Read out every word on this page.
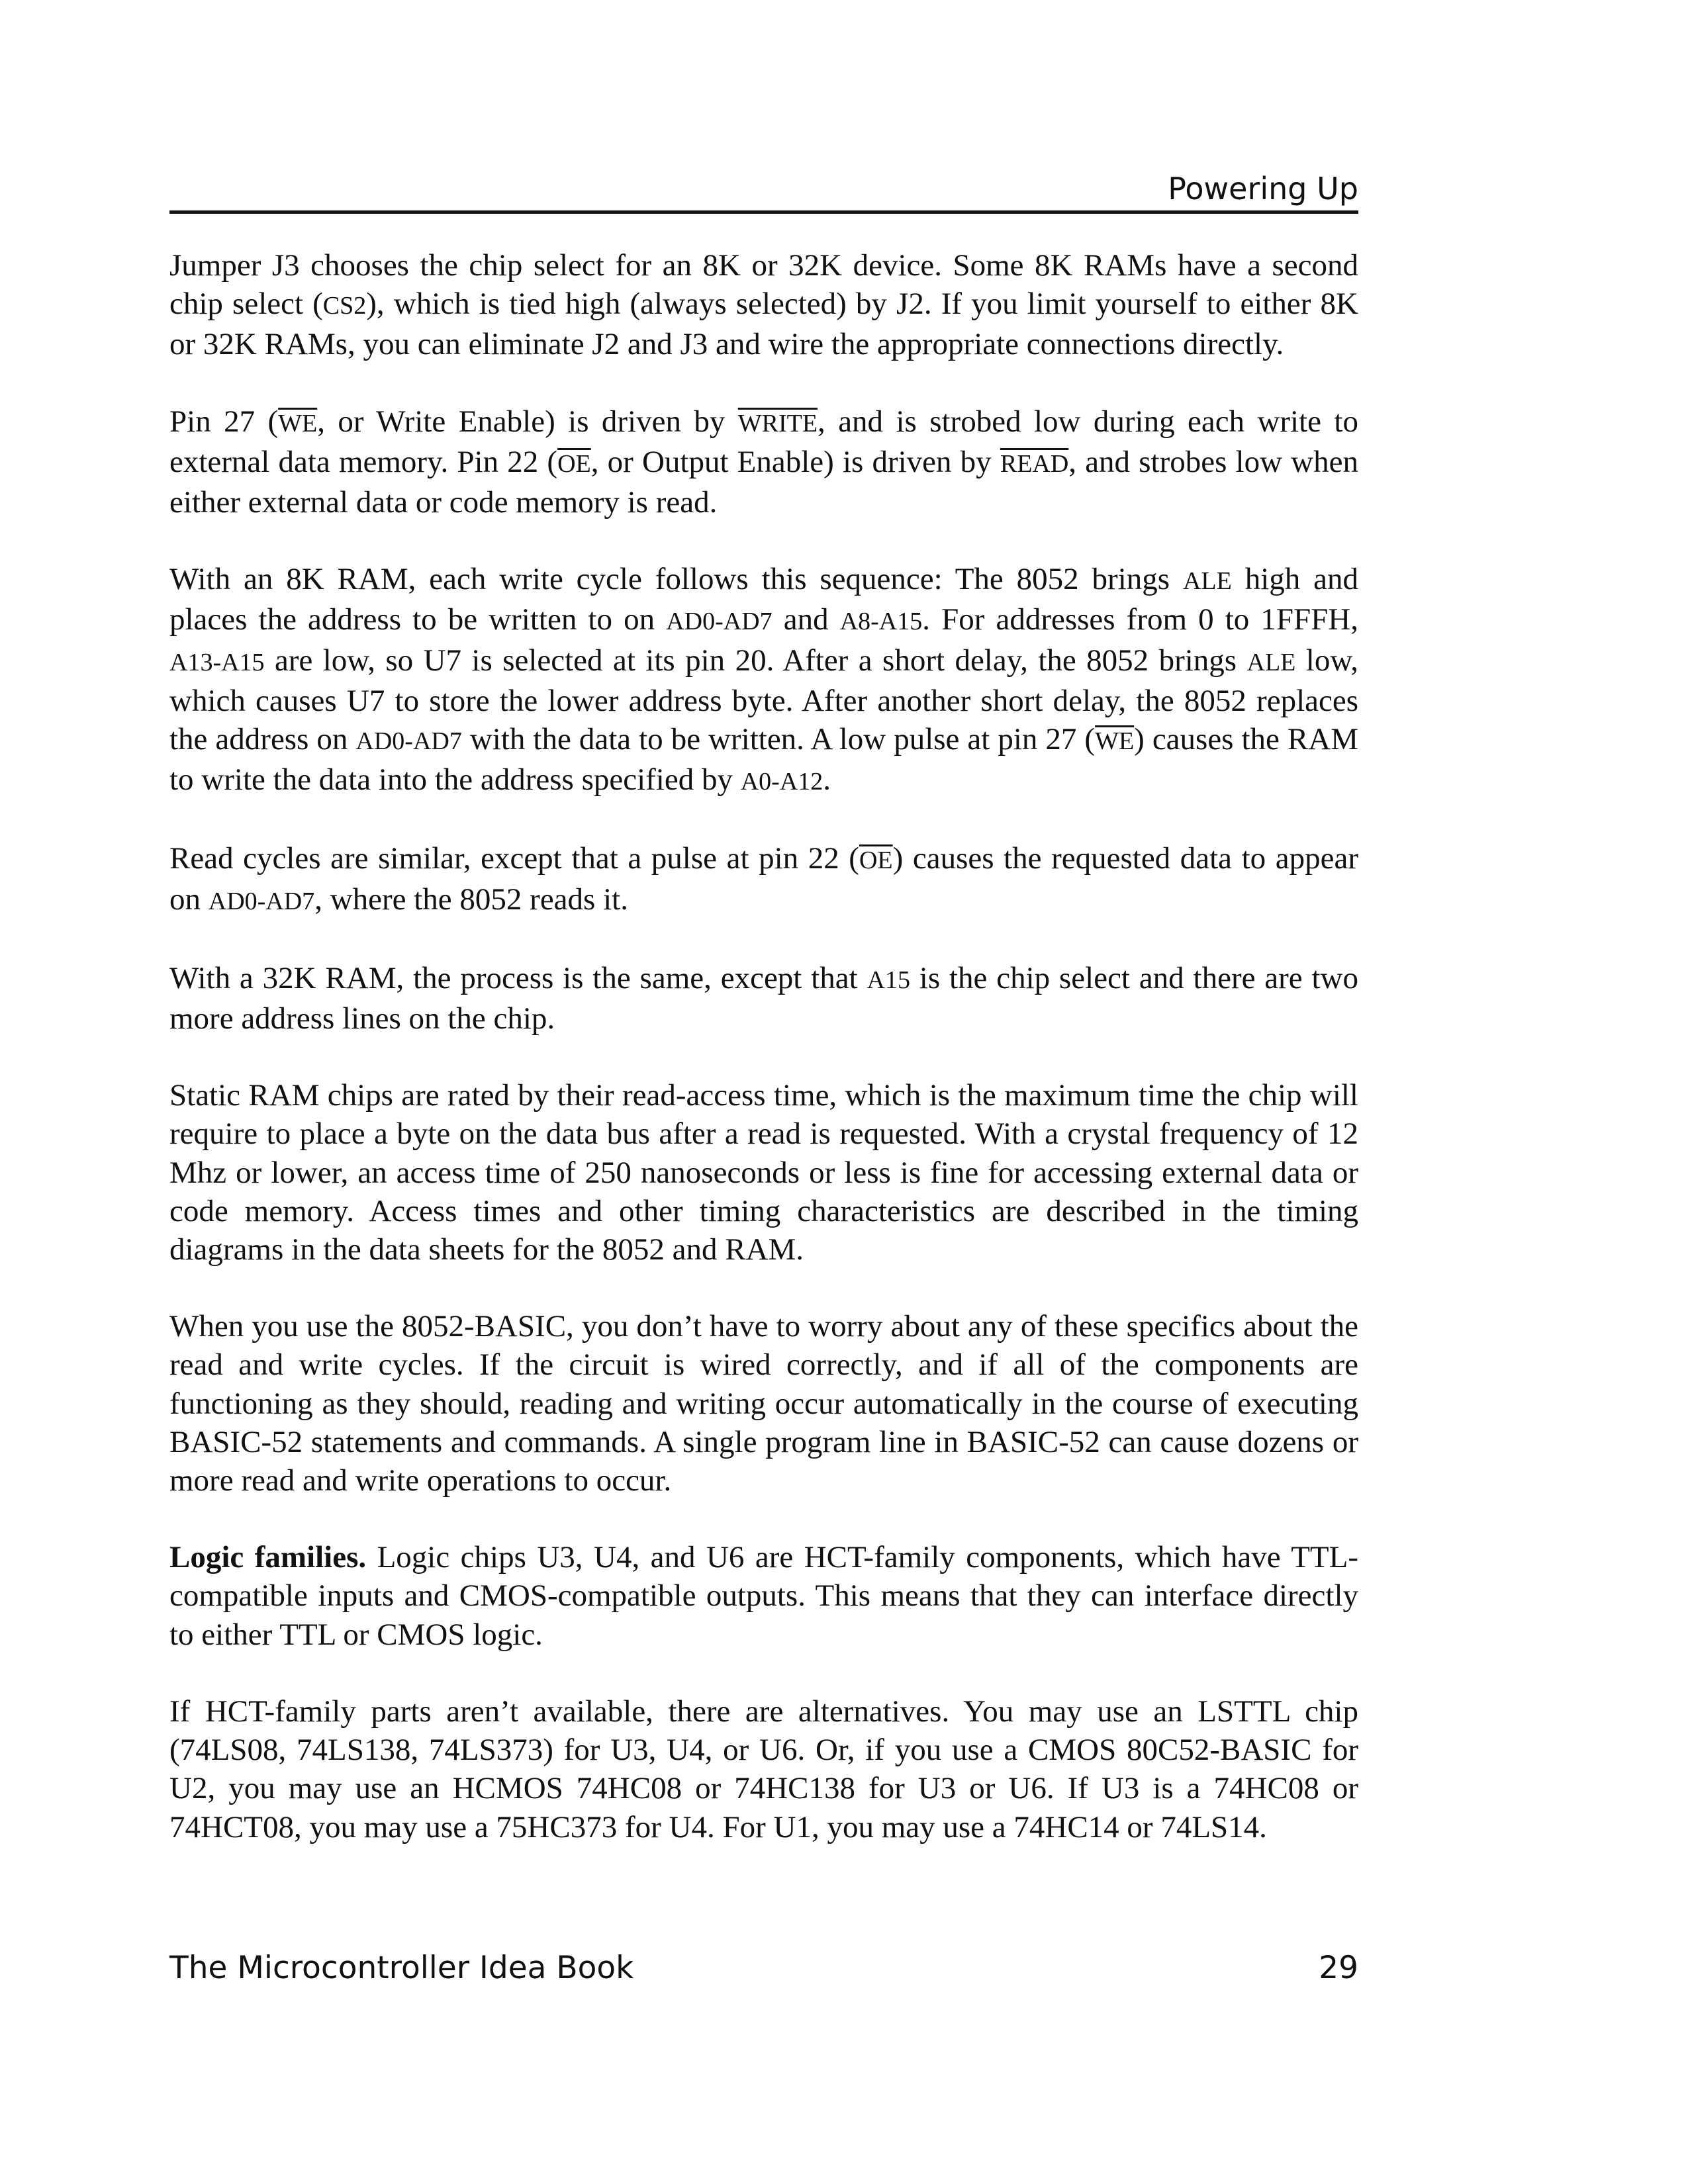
Powering Up

Jumper J3 chooses the chip select for an 8K or 32K device. Some 8K RAMs have a second chip select (CS2), which is tied high (always selected) by J2. If you limit yourself to either 8K or 32K RAMs, you can eliminate J2 and J3 and wire the appropriate connections directly.

Pin 27 ($\overline{WE}$, or Write Enable) is driven by WRITE, and is strobed low during each write to external data memory. Pin 22 ($\overline{OE}$, or Output Enable) is driven by READ, and strobes low when either external data or code memory is read.

With an 8K RAM, each write cycle follows this sequence: The 8052 brings ALE high and places the address to be written to on AD0-AD7 and A8-A15. For addresses from 0 to 1FFFH, A13-A15 are low, so U7 is selected at its pin 20. After a short delay, the 8052 brings ALE low, which causes U7 to store the lower address byte. After another short delay, the 8052 replaces the address on AD0-AD7 with the data to be written. A low pulse at pin 27 $(\overline{WE})$ causes the RAM to write the data into the address specified by A0-A12.

Read cycles are similar, except that a pulse at pin 22 $(\overline{OE})$ causes the requested data to appear on AD0-AD7, where the 8052 reads it.

With a 32K RAM, the process is the same, except that A15 is the chip select and there are two more address lines on the chip.

Static RAM chips are rated by their read-access time, which is the maximum time the chip will require to place a byte on the data bus after a read is requested. With a crystal frequency of 12 Mhz or lower, an access time of 250 nanoseconds or less is fine for accessing external data or code memory. Access times and other timing characteristics are described in the timing diagrams in the data sheets for the 8052 and RAM.

When you use the 8052-BASIC, you don’t have to worry about any of these specifics about the read and write cycles. If the circuit is wired correctly, and if all of the components are functioning as they should, reading and writing occur automatically in the course of executing BASIC-52 statements and commands. A single program line in BASIC-52 can cause dozens or more read and write operations to occur.

Logic families. Logic chips U3, U4, and U6 are HCT-family components, which have TTL-compatible inputs and CMOS-compatible outputs. This means that they can interface directly to either TTL or CMOS logic.

If HCT-family parts aren’t available, there are alternatives. You may use an LSTTL chip (74LS08, 74LS138, 74LS373) for U3, U4, or U6. Or, if you use a CMOS 80C52-BASIC for U2, you may use an HCMOS 74HC08 or 74HC138 for U3 or U6. If U3 is a 74HC08 or 74HCT08, you may use a 75HC373 for U4. For U1, you may use a 74HC14 or 74LS14.

The Microcontroller Idea Book	29
